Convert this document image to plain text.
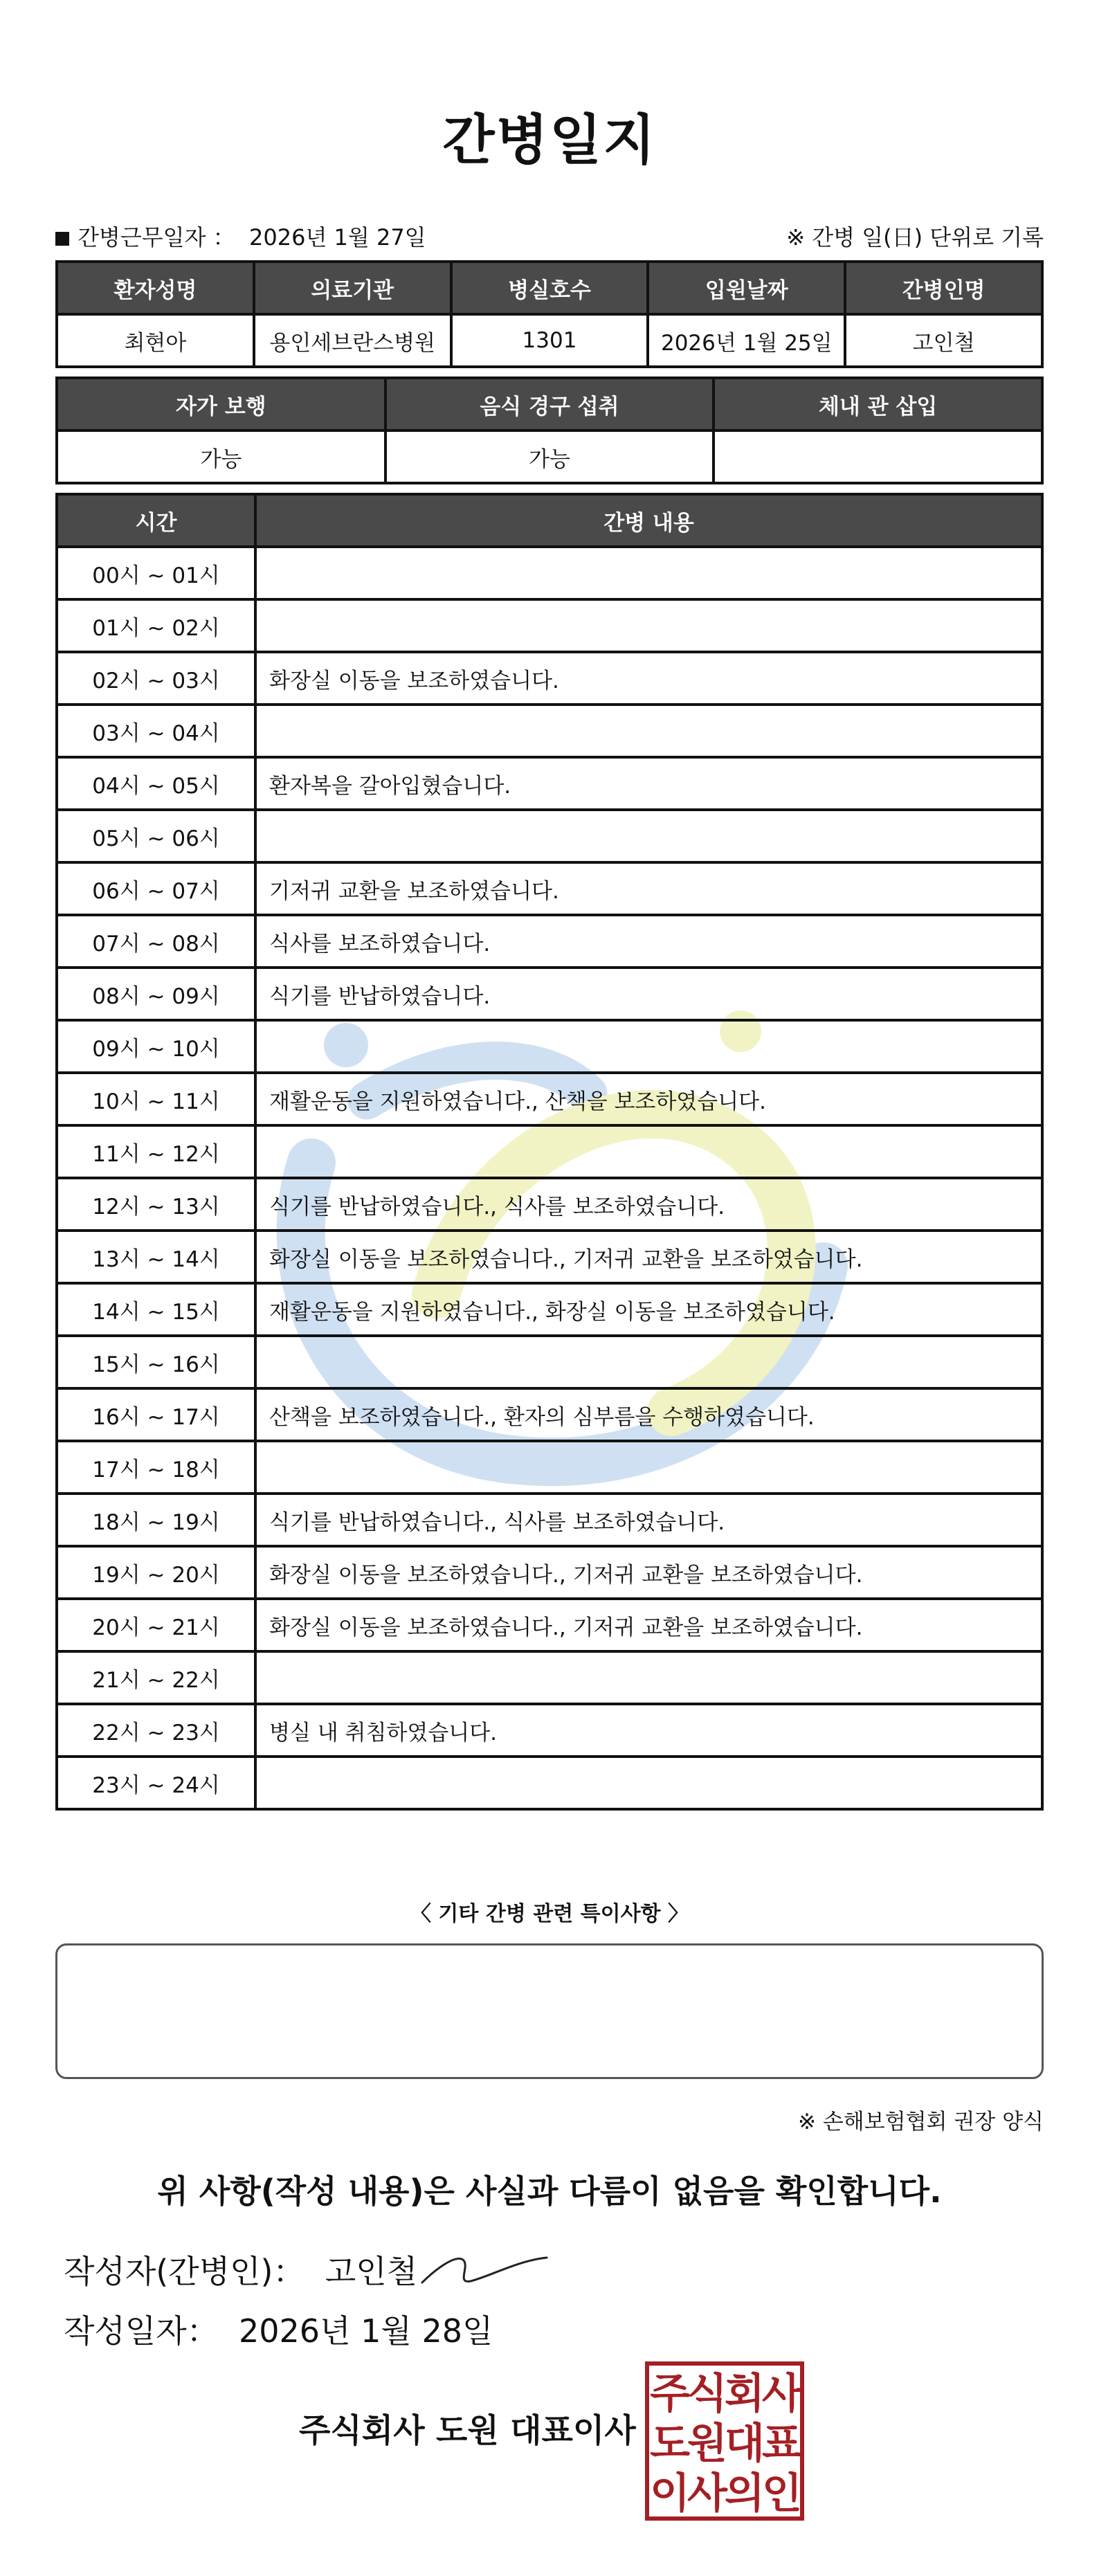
간병일지
간병근무일자 ： 2026년 1월 27일	※ 간병 일(日) 단위로 기록
환자성명	의료기관	병실호수	입원날짜	간병인명
최현아	용인세브란스병원	1301	2026년 1월 25일	고인철
자가 보행	음식 경구 섭취	체내 관 삽입
가능	가능	
시간	간병 내용
00시 ~ 01시	
01시 ~ 02시	
02시 ~ 03시	화장실 이동을 보조하였습니다.
03시 ~ 04시	
04시 ~ 05시	환자복을 갈아입혔습니다.
05시 ~ 06시	
06시 ~ 07시	기저귀 교환을 보조하였습니다.
07시 ~ 08시	식사를 보조하였습니다.
08시 ~ 09시	식기를 반납하였습니다.
09시 ~ 10시	
10시 ~ 11시	재활운동을 지원하였습니다., 산책을 보조하였습니다.
11시 ~ 12시	
12시 ~ 13시	식기를 반납하였습니다., 식사를 보조하였습니다.
13시 ~ 14시	화장실 이동을 보조하였습니다., 기저귀 교환을 보조하였습니다.
14시 ~ 15시	재활운동을 지원하였습니다., 화장실 이동을 보조하였습니다.
15시 ~ 16시	
16시 ~ 17시	산책을 보조하였습니다., 환자의 심부름을 수행하였습니다.
17시 ~ 18시	
18시 ~ 19시	식기를 반납하였습니다., 식사를 보조하였습니다.
19시 ~ 20시	화장실 이동을 보조하였습니다., 기저귀 교환을 보조하였습니다.
20시 ~ 21시	화장실 이동을 보조하였습니다., 기저귀 교환을 보조하였습니다.
21시 ~ 22시	
22시 ~ 23시	병실 내 취침하였습니다.
23시 ~ 24시	
〈 기타 간병 관련 특이사항 〉
※ 손해보험협회 권장 양식
위 사항(작성 내용)은 사실과 다름이 없음을 확인합니다.
작성자(간병인)： 고인철
작성일자： 2026년 1월 28일
주식회사 도원 대표이사
주식회사
도원대표
이사의인
